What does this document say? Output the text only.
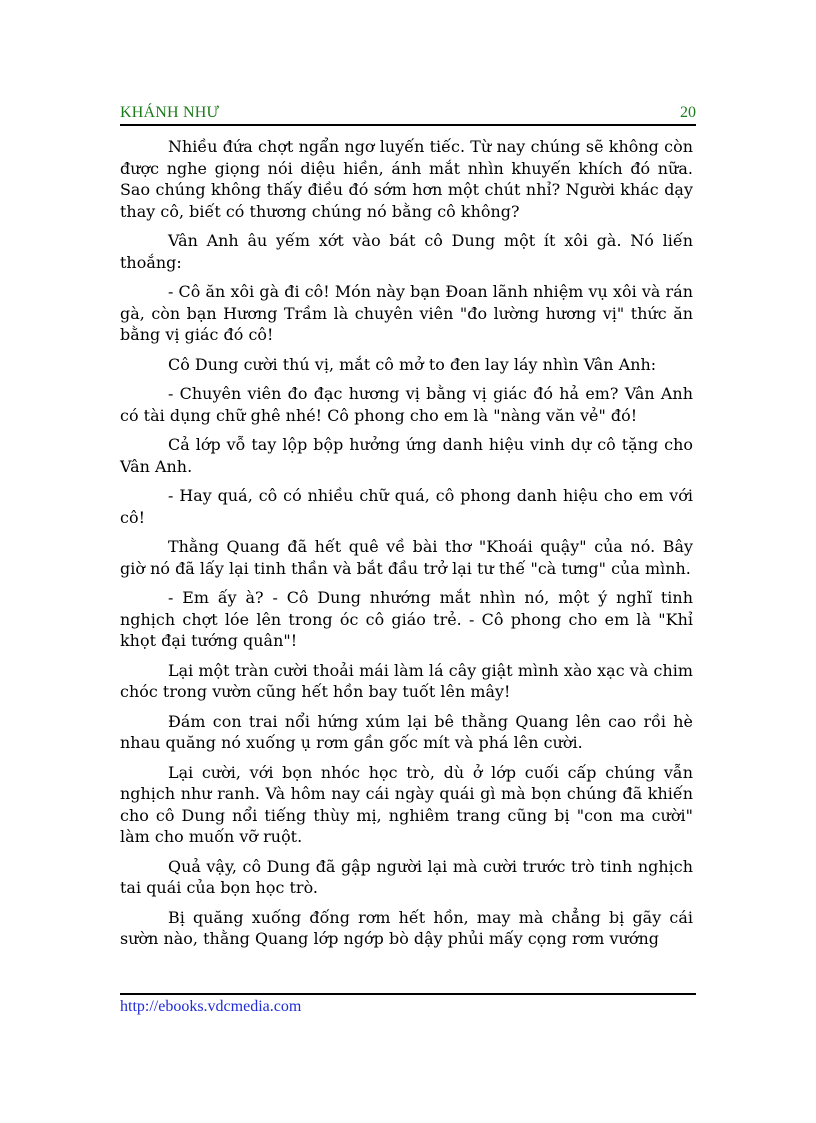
KHÁNH NHƯ	20

Nhiều đứa chợt ngẩn ngơ luyến tiếc. Từ nay chúng sẽ không còn được nghe giọng nói diệu hiền, ánh mắt nhìn khuyến khích đó nữa. Sao chúng không thấy điều đó sớm hơn một chút nhỉ? Người khác dạy thay cô, biết có thương chúng nó bằng cô không?

Vân Anh âu yếm xớt vào bát cô Dung một ít xôi gà. Nó liến thoắng:

- Cô ăn xôi gà đi cô! Món này bạn Đoan lãnh nhiệm vụ xôi và rán gà, còn bạn Hương Trầm là chuyên viên "đo lường hương vị" thức ăn bằng vị giác đó cô!

Cô Dung cười thú vị, mắt cô mở to đen lay láy nhìn Vân Anh:

- Chuyên viên đo đạc hương vị bằng vị giác đó hả em? Vân Anh có tài dụng chữ ghê nhé! Cô phong cho em là "nàng văn vẻ" đó!

Cả lớp vỗ tay lộp bộp hưởng ứng danh hiệu vinh dự cô tặng cho Vân Anh.

- Hay quá, cô có nhiều chữ quá, cô phong danh hiệu cho em với cô!

Thằng Quang đã hết quê về bài thơ "Khoái quậy" của nó. Bây giờ nó đã lấy lại tinh thần và bắt đầu trở lại tư thế "cà tưng" của mình.

- Em ấy à? - Cô Dung nhướng mắt nhìn nó, một ý nghĩ tinh nghịch chợt lóe lên trong óc cô giáo trẻ. - Cô phong cho em là "Khỉ khọt đại tướng quân"!

Lại một tràn cười thoải mái làm lá cây giật mình xào xạc và chim chóc trong vườn cũng hết hồn bay tuốt lên mây!

Đám con trai nổi hứng xúm lại bê thằng Quang lên cao rồi hè nhau quăng nó xuống ụ rơm gần gốc mít và phá lên cười.

Lại cười, với bọn nhóc học trò, dù ở lớp cuối cấp chúng vẫn nghịch như ranh. Và hôm nay cái ngày quái gì mà bọn chúng đã khiến cho cô Dung nổi tiếng thùy mị, nghiêm trang cũng bị "con ma cười" làm cho muốn vỡ ruột.

Quả vậy, cô Dung đã gập người lại mà cười trước trò tinh nghịch tai quái của bọn học trò.

Bị quăng xuống đống rơm hết hồn, may mà chẳng bị gãy cái sườn nào, thằng Quang lớp ngớp bò dậy phủi mấy cọng rơm vướng

http://ebooks.vdcmedia.com
